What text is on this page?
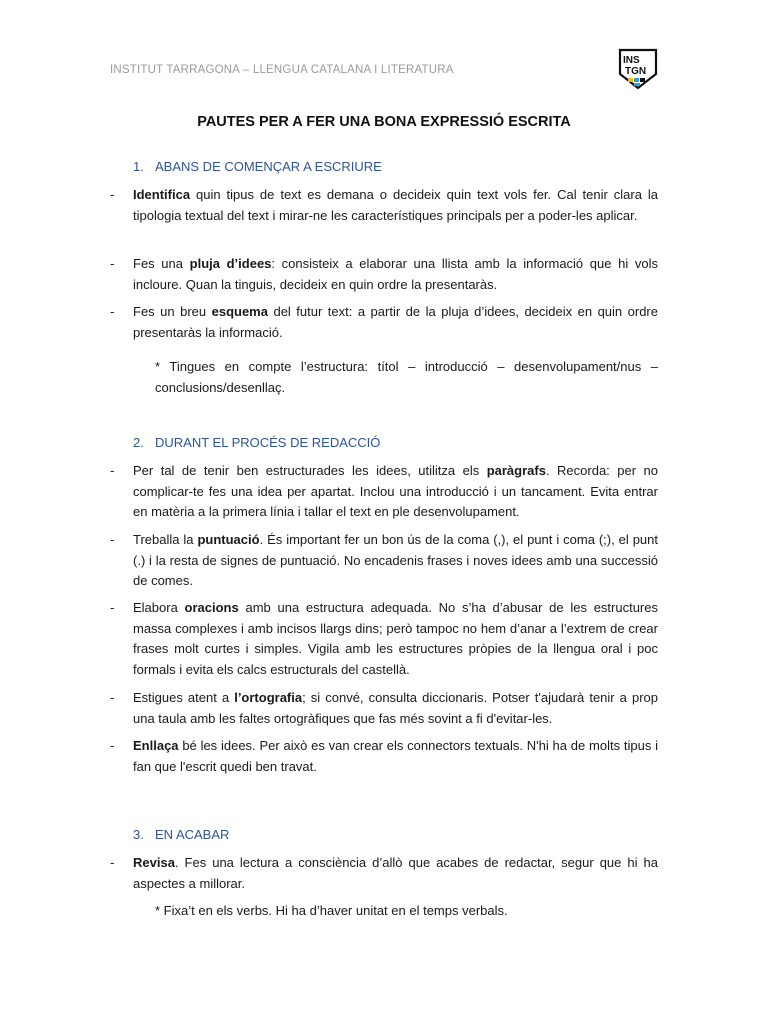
INSTITUT TARRAGONA – LLENGUA CATALANA I LITERATURA
INS
TGN
PAUTES PER A FER UNA BONA EXPRESSIÓ ESCRITA
1. ABANS DE COMENÇAR A ESCRIURE
- Identifica quin tipus de text es demana o decideix quin text vols fer. Cal tenir clara la tipologia textual del text i mirar-ne les característiques principals per a poder-les aplicar.
- Fes una pluja d’idees: consisteix a elaborar una llista amb la informació que hi vols incloure. Quan la tinguis, decideix en quin ordre la presentaràs.
- Fes un breu esquema del futur text: a partir de la pluja d’idees, decideix en quin ordre presentaràs la informació.
* Tingues en compte l’estructura: títol – introducció – desenvolupament/nus – conclusions/desenllaç.
2. DURANT EL PROCÉS DE REDACCIÓ
- Per tal de tenir ben estructurades les idees, utilitza els paràgrafs. Recorda: per no complicar-te fes una idea per apartat. Inclou una introducció i un tancament. Evita entrar en matèria a la primera línia i tallar el text en ple desenvolupament.
- Treballa la puntuació. És important fer un bon ús de la coma (,), el punt i coma (;), el punt (.) i la resta de signes de puntuació. No encadenis frases i noves idees amb una successió de comes.
- Elabora oracions amb una estructura adequada. No s’ha d’abusar de les estructures massa complexes i amb incisos llargs dins; però tampoc no hem d’anar a l’extrem de crear frases molt curtes i simples. Vigila amb les estructures pròpies de la llengua oral i poc formals i evita els calcs estructurals del castellà.
- Estigues atent a l’ortografia; si convé, consulta diccionaris. Potser t'ajudarà tenir a prop una taula amb les faltes ortogràfiques que fas més sovint a fi d'evitar-les.
- Enllaça bé les idees. Per això es van crear els connectors textuals. N'hi ha de molts tipus i fan que l'escrit quedi ben travat.
3. EN ACABAR
- Revisa. Fes una lectura a consciència d’allò que acabes de redactar, segur que hi ha aspectes a millorar.
* Fixa’t en els verbs. Hi ha d’haver unitat en el temps verbals.
